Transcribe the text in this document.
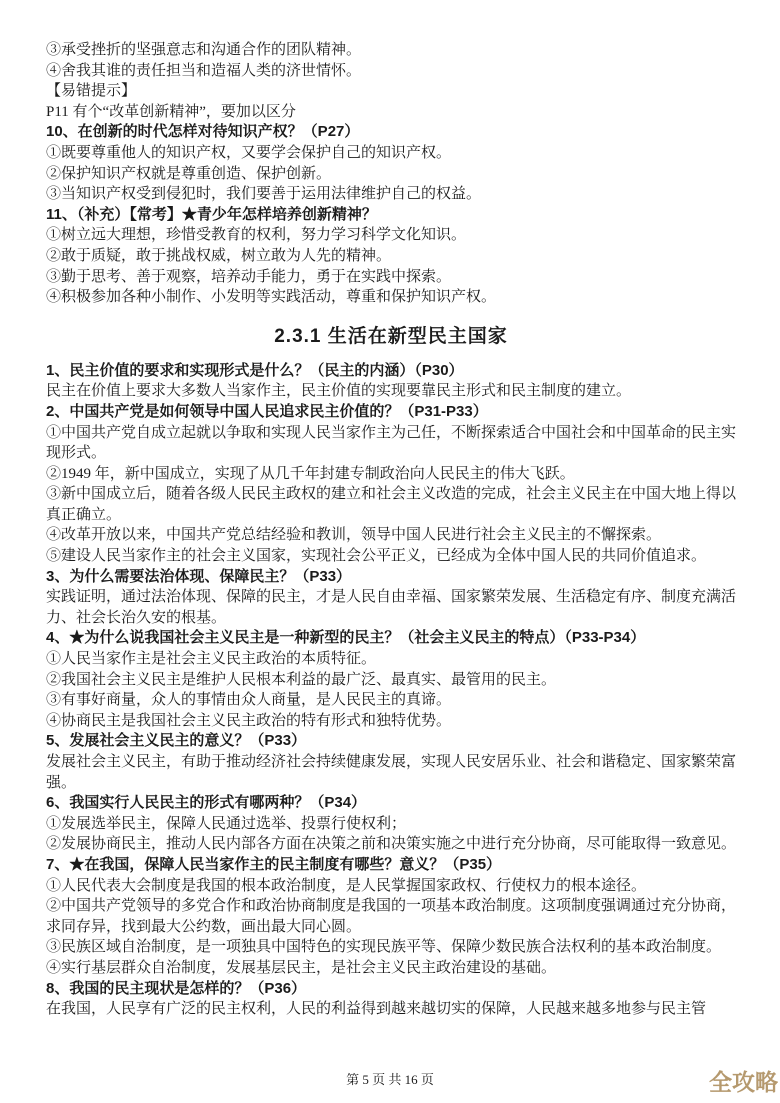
③承受挫折的坚强意志和沟通合作的团队精神。

④舍我其谁的责任担当和造福人类的济世情怀。

【易错提示】

P11 有个“改革创新精神”，要加以区分

10、在创新的时代怎样对待知识产权？（P27）

①既要尊重他人的知识产权，又要学会保护自己的知识产权。

②保护知识产权就是尊重创造、保护创新。

③当知识产权受到侵犯时，我们要善于运用法律维护自己的权益。

11、（补充）【常考】★青少年怎样培养创新精神？

①树立远大理想，珍惜受教育的权利，努力学习科学文化知识。

②敢于质疑，敢于挑战权威，树立敢为人先的精神。

③勤于思考、善于观察，培养动手能力，勇于在实践中探索。

④积极参加各种小制作、小发明等实践活动，尊重和保护知识产权。

2.3.1 生活在新型民主国家

1、民主价值的要求和实现形式是什么？（民主的内涵）（P30）

民主在价值上要求大多数人当家作主，民主价值的实现要靠民主形式和民主制度的建立。

2、中国共产党是如何领导中国人民追求民主价值的？（P31-P33）

①中国共产党自成立起就以争取和实现人民当家作主为己任，不断探索适合中国社会和中国革命的民主实现形式。

②1949 年，新中国成立，实现了从几千年封建专制政治向人民民主的伟大飞跃。

③新中国成立后，随着各级人民民主政权的建立和社会主义改造的完成，社会主义民主在中国大地上得以真正确立。

④改革开放以来，中国共产党总结经验和教训，领导中国人民进行社会主义民主的不懈探索。

⑤建设人民当家作主的社会主义国家，实现社会公平正义，已经成为全体中国人民的共同价值追求。

3、为什么需要法治体现、保障民主？（P33）

实践证明，通过法治体现、保障的民主，才是人民自由幸福、国家繁荣发展、生活稳定有序、制度充满活力、社会长治久安的根基。

4、★为什么说我国社会主义民主是一种新型的民主？（社会主义民主的特点）（P33-P34）

①人民当家作主是社会主义民主政治的本质特征。

②我国社会主义民主是维护人民根本利益的最广泛、最真实、最管用的民主。

③有事好商量，众人的事情由众人商量，是人民民主的真谛。

④协商民主是我国社会主义民主政治的特有形式和独特优势。

5、发展社会主义民主的意义？（P33）

发展社会主义民主，有助于推动经济社会持续健康发展，实现人民安居乐业、社会和谐稳定、国家繁荣富强。

6、我国实行人民民主的形式有哪两种？（P34）

①发展选举民主，保障人民通过选举、投票行使权利；

②发展协商民主，推动人民内部各方面在决策之前和决策实施之中进行充分协商，尽可能取得一致意见。

7、★在我国，保障人民当家作主的民主制度有哪些？意义？（P35）

①人民代表大会制度是我国的根本政治制度，是人民掌握国家政权、行使权力的根本途径。

②中国共产党领导的多党合作和政治协商制度是我国的一项基本政治制度。这项制度强调通过充分协商，求同存异，找到最大公约数，画出最大同心圆。

③民族区域自治制度，是一项独具中国特色的实现民族平等、保障少数民族合法权利的基本政治制度。

④实行基层群众自治制度，发展基层民主，是社会主义民主政治建设的基础。

8、我国的民主现状是怎样的？（P36）

在我国，人民享有广泛的民主权利，人民的利益得到越来越切实的保障，人民越来越多地参与民主管

第 5 页 共 16 页	全攻略
